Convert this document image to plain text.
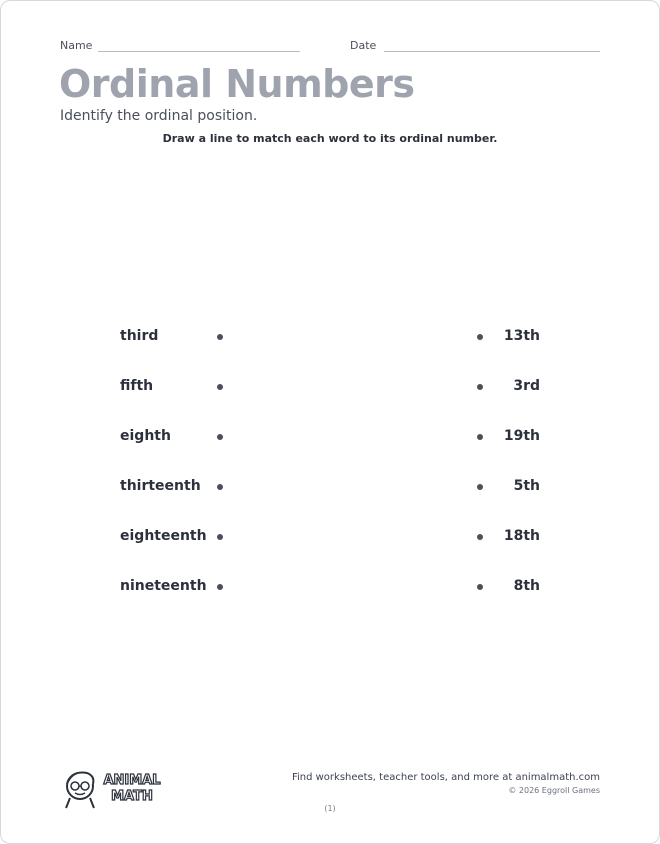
Name	Date
Ordinal Numbers
Identify the ordinal position.
Draw a line to match each word to its ordinal number.
third	13th
fifth	3rd
eighth	19th
thirteenth	5th
eighteenth	18th
nineteenth	8th
ANIMAL
MATH
Find worksheets, teacher tools, and more at animalmath.com
© 2026 Eggroll Games
(1)
